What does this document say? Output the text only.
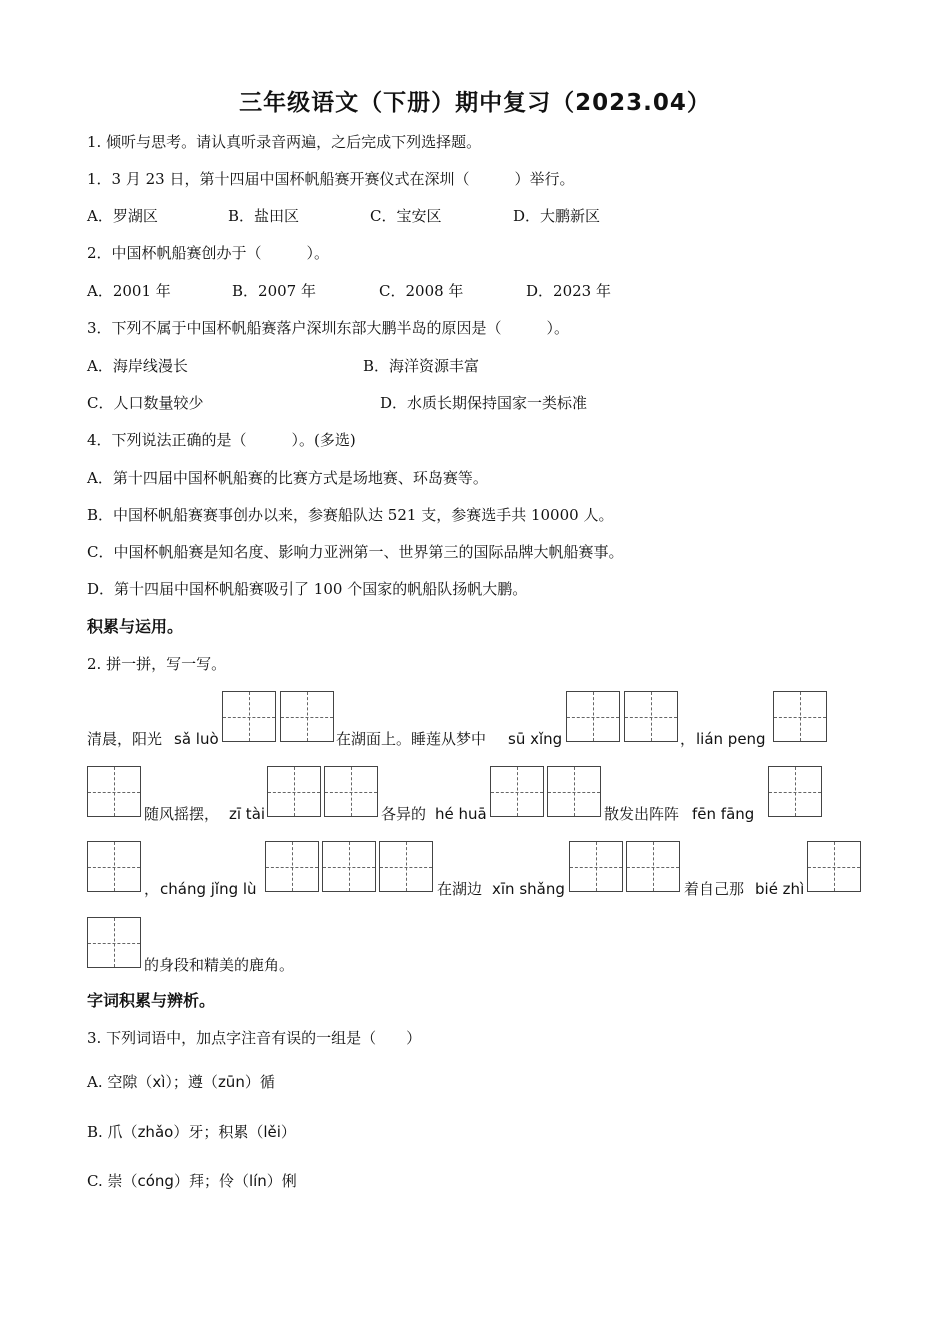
三年级语文（下册）期中复习（2023.04）
1. 倾听与思考。请认真听录音两遍，之后完成下列选择题。
1．3 月 23 日，第十四届中国杯帆船赛开赛仪式在深圳（　　　）举行。
A．罗湖区	B．盐田区	C．宝安区	D．大鹏新区
2．中国杯帆船赛创办于（　　　）。
A．2001 年	B．2007 年	C．2008 年	D．2023 年
3．下列不属于中国杯帆船赛落户深圳东部大鹏半岛的原因是（　　　）。
A．海岸线漫长	B．海洋资源丰富
C．人口数量较少	D．水质长期保持国家一类标准
4．下列说法正确的是（　　　）。(多选)
A．第十四届中国杯帆船赛的比赛方式是场地赛、环岛赛等。
B．中国杯帆船赛赛事创办以来，参赛船队达 521 支，参赛选手共 10000 人。
C．中国杯帆船赛是知名度、影响力亚洲第一、世界第三的国际品牌大帆船赛事。
D．第十四届中国杯帆船赛吸引了 100 个国家的帆船队扬帆大鹏。
积累与运用。
2. 拼一拼，写一写。
清晨，阳光 sǎ luò	在湖面上。睡莲从梦中 sū xǐng	， lián peng
随风摇摆， zī tài	各异的 hé huā	散发出阵阵 fēn fāng
， cháng jǐng lù	在湖边 xīn shǎng	着自己那 bié zhì
的身段和精美的鹿角。
字词积累与辨析。
3. 下列词语中，加点字注音有误的一组是（　　）
A. 空隙（xì）；遵（zūn）循
B. 爪（zhǎo）牙；积累（lěi）
C. 崇（cóng）拜；伶（lín）俐
